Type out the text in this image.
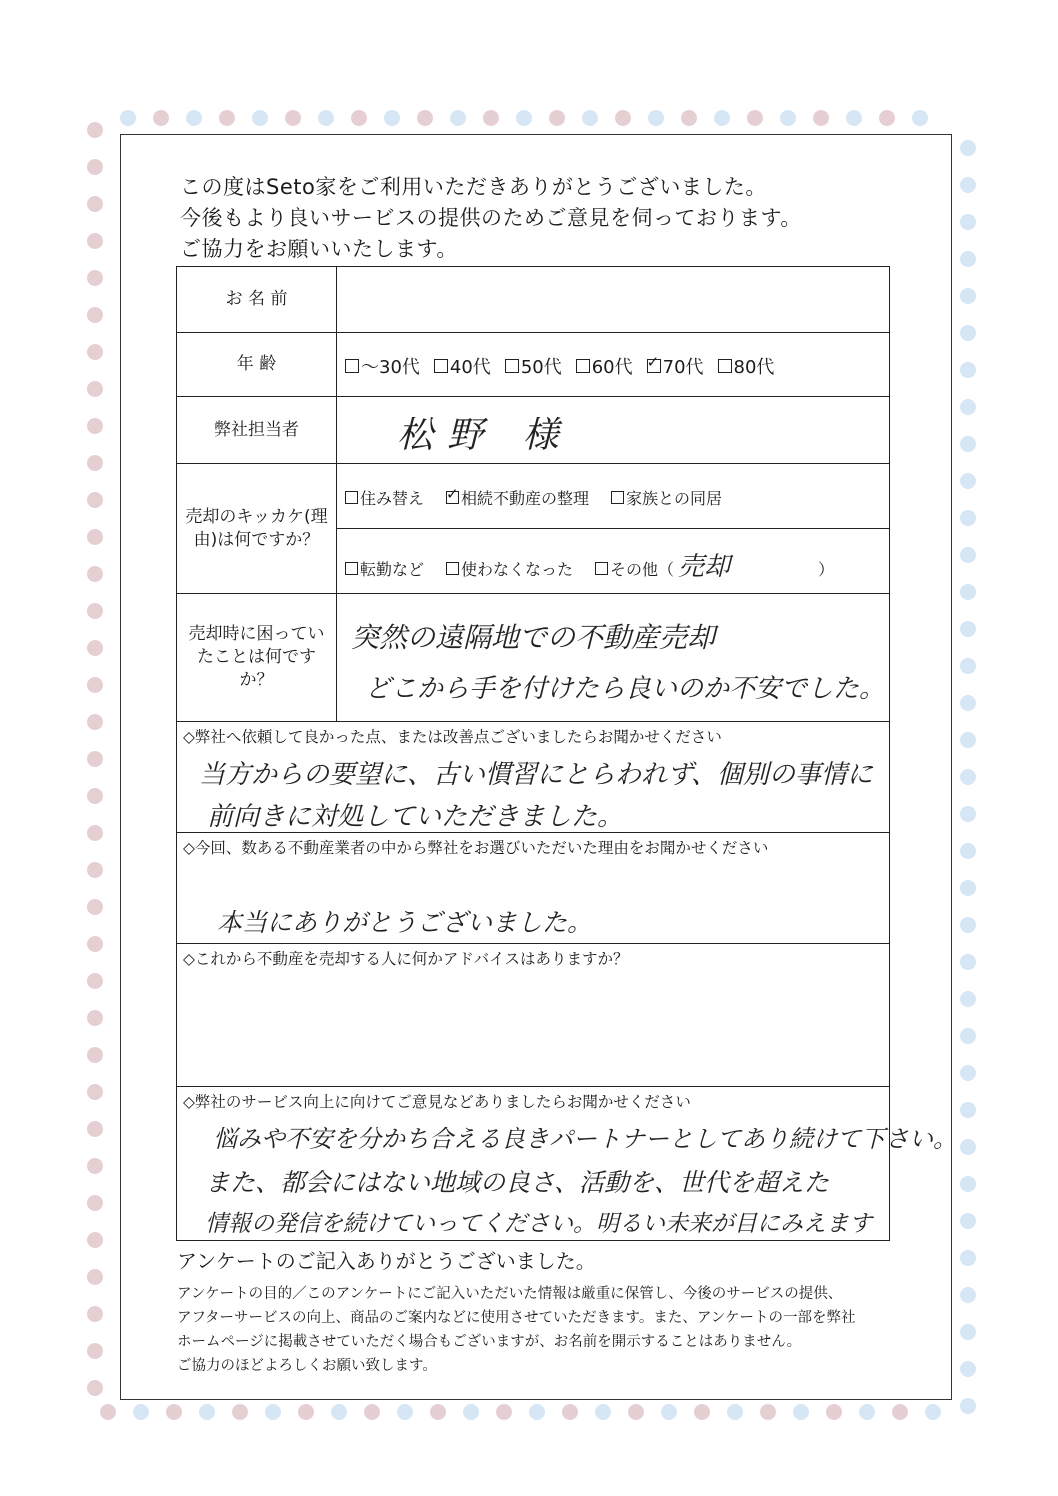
この度はSeto家をご利用いただきありがとうございました。
今後もより良いサービスの提供のためご意見を伺っております。
ご協力をお願いいたします。
お 名 前
年 齢	～30代 40代 50代 60代 ✓ 70代 80代
弊社担当者	松野 様
売却のキッカケ(理由)は何ですか？
住み替え ✓ 相続不動産の整理 家族との同居
転勤など 使わなくなった その他（ 売却	）
売却時に困っていたことは何ですか？
突然の遠隔地での不動産売却
どこから手を付けたら良いのか不安でした。
◇弊社へ依頼して良かった点、または改善点ございましたらお聞かせください
当方からの要望に、古い慣習にとらわれず、個別の事情に
前向きに対処していただきました。
◇今回、数ある不動産業者の中から弊社をお選びいただいた理由をお聞かせください
本当にありがとうございました。
◇これから不動産を売却する人に何かアドバイスはありますか？
◇弊社のサービス向上に向けてご意見などありましたらお聞かせください
悩みや不安を分かち合える良きパートナーとしてあり続けて下さい。
また、都会にはない地域の良さ、活動を、世代を超えた
情報の発信を続けていってください。明るい未来が目にみえます
アンケートのご記入ありがとうございました。
アンケートの目的／このアンケートにご記入いただいた情報は厳重に保管し、今後のサービスの提供、
アフターサービスの向上、商品のご案内などに使用させていただきます。また、アンケートの一部を弊社
ホームページに掲載させていただく場合もございますが、お名前を開示することはありません。
ご協力のほどよろしくお願い致します。
